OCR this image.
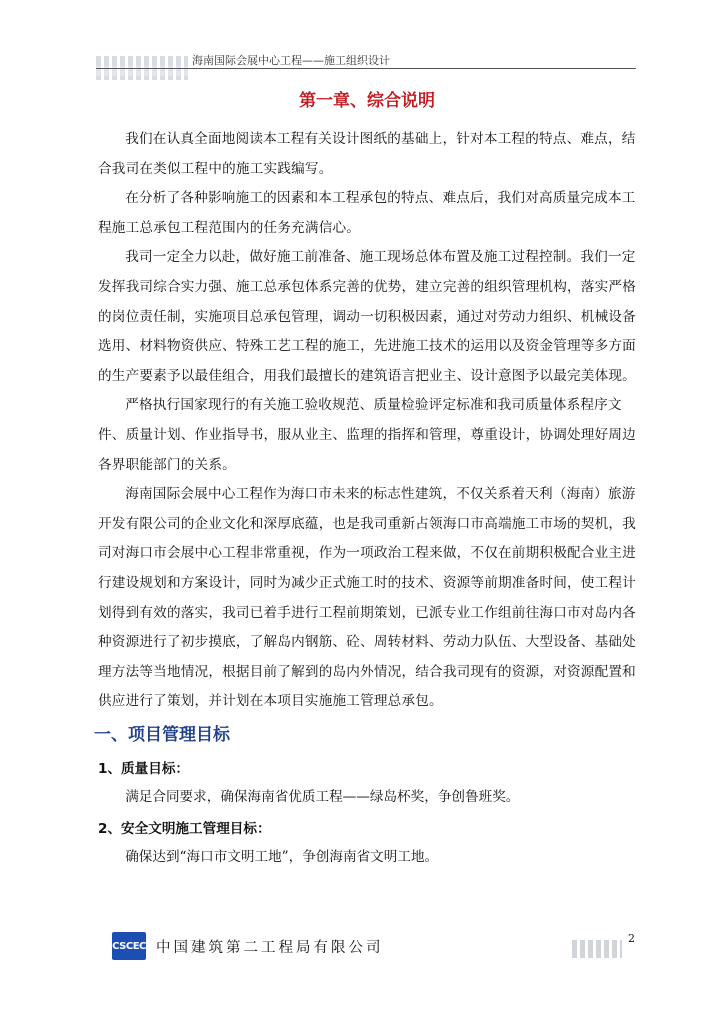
海南国际会展中心工程——施工组织设计
第一章、综合说明

我们在认真全面地阅读本工程有关设计图纸的基础上，针对本工程的特点、难点，结合我司在类似工程中的施工实践编写。

在分析了各种影响施工的因素和本工程承包的特点、难点后，我们对高质量完成本工程施工总承包工程范围内的任务充满信心。

我司一定全力以赴，做好施工前准备、施工现场总体布置及施工过程控制。我们一定发挥我司综合实力强、施工总承包体系完善的优势，建立完善的组织管理机构，落实严格的岗位责任制，实施项目总承包管理，调动一切积极因素，通过对劳动力组织、机械设备选用、材料物资供应、特殊工艺工程的施工，先进施工技术的运用以及资金管理等多方面的生产要素予以最佳组合，用我们最擅长的建筑语言把业主、设计意图予以最完美体现。

严格执行国家现行的有关施工验收规范、质量检验评定标准和我司质量体系程序文件、质量计划、作业指导书，服从业主、监理的指挥和管理，尊重设计，协调处理好周边各界职能部门的关系。

海南国际会展中心工程作为海口市未来的标志性建筑，不仅关系着天利（海南）旅游开发有限公司的企业文化和深厚底蕴，也是我司重新占领海口市高端施工市场的契机，我司对海口市会展中心工程非常重视，作为一项政治工程来做，不仅在前期积极配合业主进行建设规划和方案设计，同时为减少正式施工时的技术、资源等前期准备时间，使工程计划得到有效的落实，我司已着手进行工程前期策划，已派专业工作组前往海口市对岛内各种资源进行了初步摸底，了解岛内钢筋、砼、周转材料、劳动力队伍、大型设备、基础处理方法等当地情况，根据目前了解到的岛内外情况，结合我司现有的资源，对资源配置和供应进行了策划，并计划在本项目实施施工管理总承包。

一、项目管理目标
1、质量目标：

满足合同要求，确保海南省优质工程——绿岛杯奖，争创鲁班奖。

2、安全文明施工管理目标：

确保达到“海口市文明工地”，争创海南省文明工地。

CSCEC 中国建筑第二工程局有限公司
2
